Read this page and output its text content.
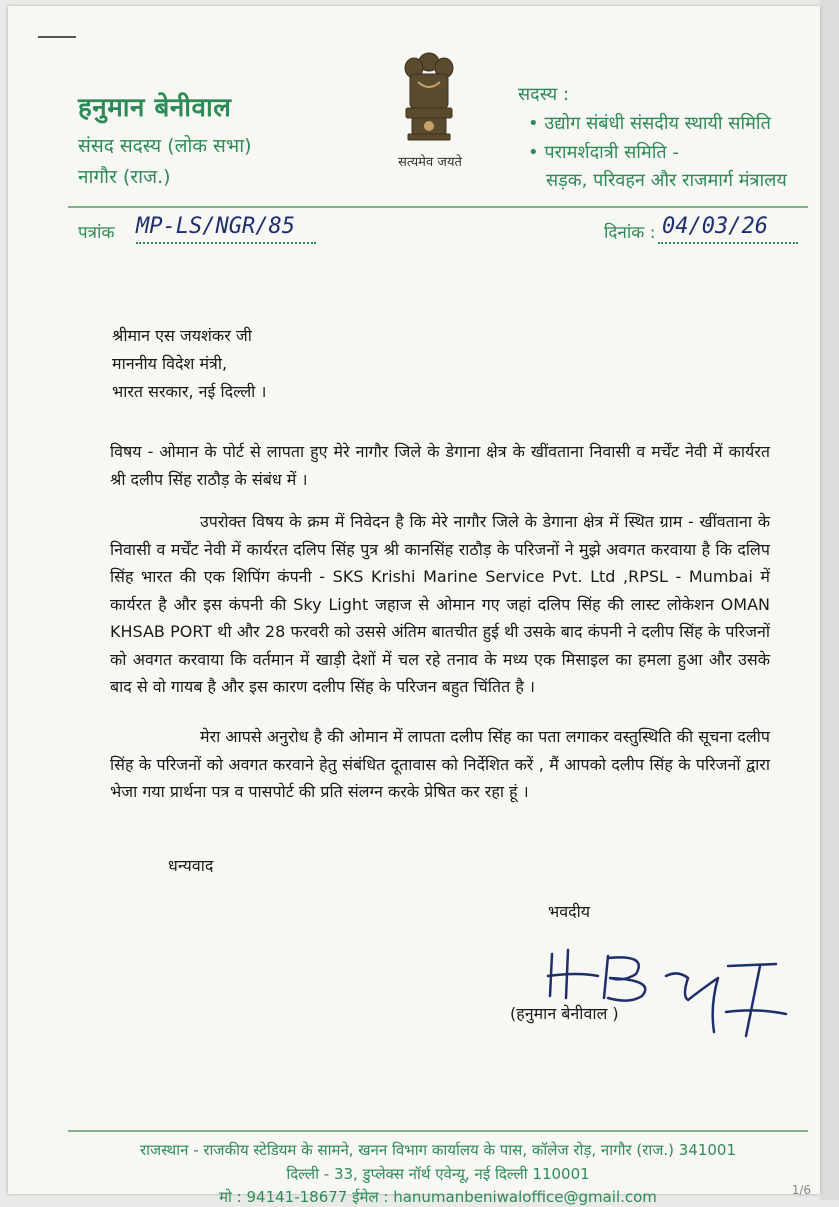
हनुमान बेनीवाल
संसद सदस्य (लोक सभा)
नागौर (राज.)
सत्यमेव जयते
सदस्य :
• उद्योग संबंधी संसदीय स्थायी समिति
• परामर्शदात्री समिति -
सड़क, परिवहन और राजमार्ग मंत्रालय
पत्रांक MP-LS/NGR/85	दिनांक : 04/03/26
श्रीमान एस जयशंकर जी
माननीय विदेश मंत्री,
भारत सरकार, नई दिल्ली ।
विषय - ओमान के पोर्ट से लापता हुए मेरे नागौर जिले के डेगाना क्षेत्र के खींवताना निवासी व मर्चेंट नेवी में कार्यरत श्री दलीप सिंह राठौड़ के संबंध में ।
उपरोक्त विषय के क्रम में निवेदन है कि मेरे नागौर जिले के डेगाना क्षेत्र में स्थित ग्राम - खींवताना के निवासी व मर्चेंट नेवी में कार्यरत दलिप सिंह पुत्र श्री कानसिंह राठौड़ के परिजनों ने मुझे अवगत करवाया है कि दलिप सिंह भारत की एक शिपिंग कंपनी - SKS Krishi Marine Service Pvt. Ltd ,RPSL - Mumbai में कार्यरत है और इस कंपनी की Sky Light जहाज से ओमान गए जहां दलिप सिंह की लास्ट लोकेशन OMAN KHSAB PORT थी और 28 फरवरी को उससे अंतिम बातचीत हुई थी उसके बाद कंपनी ने दलीप सिंह के परिजनों को अवगत करवाया कि वर्तमान में खाड़ी देशों में चल रहे तनाव के मध्य एक मिसाइल का हमला हुआ और उसके बाद से वो गायब है और इस कारण दलीप सिंह के परिजन बहुत चिंतित है ।
मेरा आपसे अनुरोध है की ओमान में लापता दलीप सिंह का पता लगाकर वस्तुस्थिति की सूचना दलीप सिंह के परिजनों को अवगत करवाने हेतु संबंधित दूतावास को निर्देशित करें , मैं आपको दलीप सिंह के परिजनों द्वारा भेजा गया प्रार्थना पत्र व पासपोर्ट की प्रति संलग्न करके प्रेषित कर रहा हूं ।
धन्यवाद
भवदीय
(हनुमान बेनीवाल )
राजस्थान - राजकीय स्टेडियम के सामने, खनन विभाग कार्यालय के पास, कॉलेज रोड़, नागौर (राज.) 341001
दिल्ली - 33, डुप्लेक्स नॉर्थ एवेन्यू, नई दिल्ली 110001
मो : 94141-18677 ईमेल : hanumanbeniwaloffice@gmail.com	1/6
